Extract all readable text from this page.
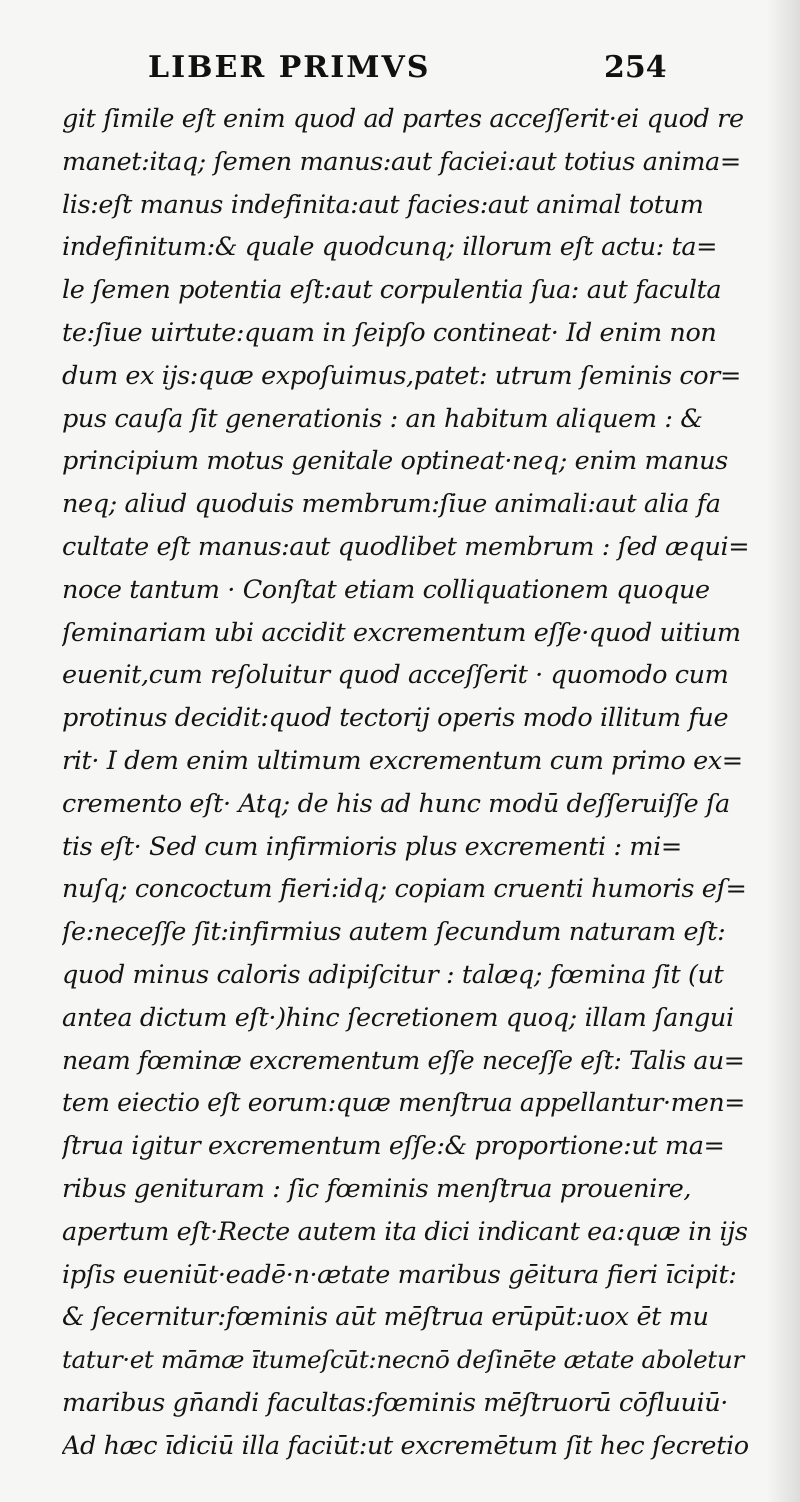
LIBER PRIMVS	254
git ſimile eſt enim quod ad partes acceſſerit·ei quod re
manet:itaq; ſemen manus:aut faciei:aut totius anima=
lis:eſt manus indefinita:aut facies:aut animal totum
indefinitum:& quale quodcunq; illorum eſt actu: ta=
le ſemen potentia eſt:aut corpulentia ſua: aut faculta
te:ſiue uirtute:quam in ſeipſo contineat· Id enim non
dum ex ijs:quæ expoſuimus,patet: utrum ſeminis cor=
pus cauſa ſit generationis : an habitum aliquem : &
principium motus genitale optineat·neq; enim manus
neq; aliud quoduis membrum:ſiue animali:aut alia fa
cultate eſt manus:aut quodlibet membrum : ſed æqui=
noce tantum · Conſtat etiam colliquationem quoque
ſeminariam ubi accidit excrementum eſſe·quod uitium
euenit,cum reſoluitur quod acceſſerit · quomodo cum
protinus decidit:quod tectorij operis modo illitum fue
rit· I dem enim ultimum excrementum cum primo ex=
cremento eſt· Atq; de his ad hunc modū deſſeruiſſe ſa
tis eſt· Sed cum infirmioris plus excrementi : mi=
nuſq; concoctum fieri:idq; copiam cruenti humoris eſ=
ſe:neceſſe ſit:infirmius autem ſecundum naturam eſt:
quod minus caloris adipiſcitur : talæq; fœmina ſit (ut
antea dictum eſt·)hinc ſecretionem quoq; illam ſangui
neam fœminæ excrementum eſſe neceſſe eſt: Talis au=
tem eiectio eſt eorum:quæ menſtrua appellantur·men=
ſtrua igitur excrementum eſſe:& proportione:ut ma=
ribus genituram : ſic fœminis menſtrua prouenire,
apertum eſt·Recte autem ita dici indicant ea:quæ in ijs
ipſis eueniūt·eadē·n·ætate maribus gēitura fieri īcipit:
& ſecernitur:fœminis aūt mēſtrua erūpūt:uox ēt mu
tatur·et māmæ ītumeſcūt:necnō deſinēte ætate aboletur
maribus gn̄andi facultas:fœminis mēſtruorū cōfluuiū·
Ad hæc īdiciū illa faciūt:ut excremētum ſit hec ſecretio
